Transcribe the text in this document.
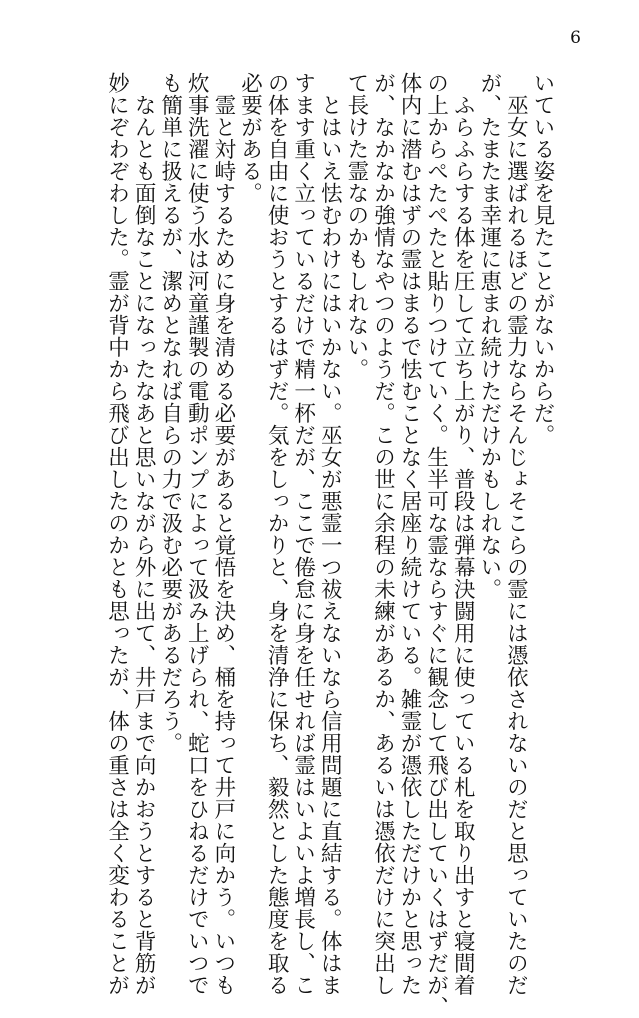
6
いている姿を見たことがないからだ。
　巫女に選ばれるほどの霊力ならそんじょそこらの霊には憑依されないのだと思っていたのだ
が、たまたま幸運に恵まれ続けただけかもしれない。
　ふらふらする体を圧して立ち上がり、普段は弾幕決闘用に使っている札を取り出すと寝間着
の上からぺたぺたと貼りつけていく。生半可な霊ならすぐに観念して飛び出していくはずだが、
体内に潜むはずの霊はまるで怯むことなく居座り続けている。雑霊が憑依しただけかと思った
が、なかなか強情なやつのようだ。この世に余程の未練があるか、あるいは憑依だけに突出し
て長けた霊なのかもしれない。
　とはいえ怯むわけにはいかない。巫女が悪霊一つ祓えないなら信用問題に直結する。体はま
すます重く立っているだけで精一杯だが、ここで倦怠に身を任せれば霊はいよいよ増長し、こ
の体を自由に使おうとするはずだ。気をしっかりと、身を清浄に保ち、毅然とした態度を取る
必要がある。
　霊と対峙するために身を清める必要があると覚悟を決め、桶を持って井戸に向かう。いつも
炊事洗濯に使う水は河童謹製の電動ポンプによって汲み上げられ、蛇口をひねるだけでいつで
も簡単に扱えるが、潔めとなれば自らの力で汲む必要があるだろう。
　なんとも面倒なことになったなあと思いながら外に出て、井戸まで向かおうとすると背筋が
妙にぞわぞわした。霊が背中から飛び出したのかとも思ったが、体の重さは全く変わることが
